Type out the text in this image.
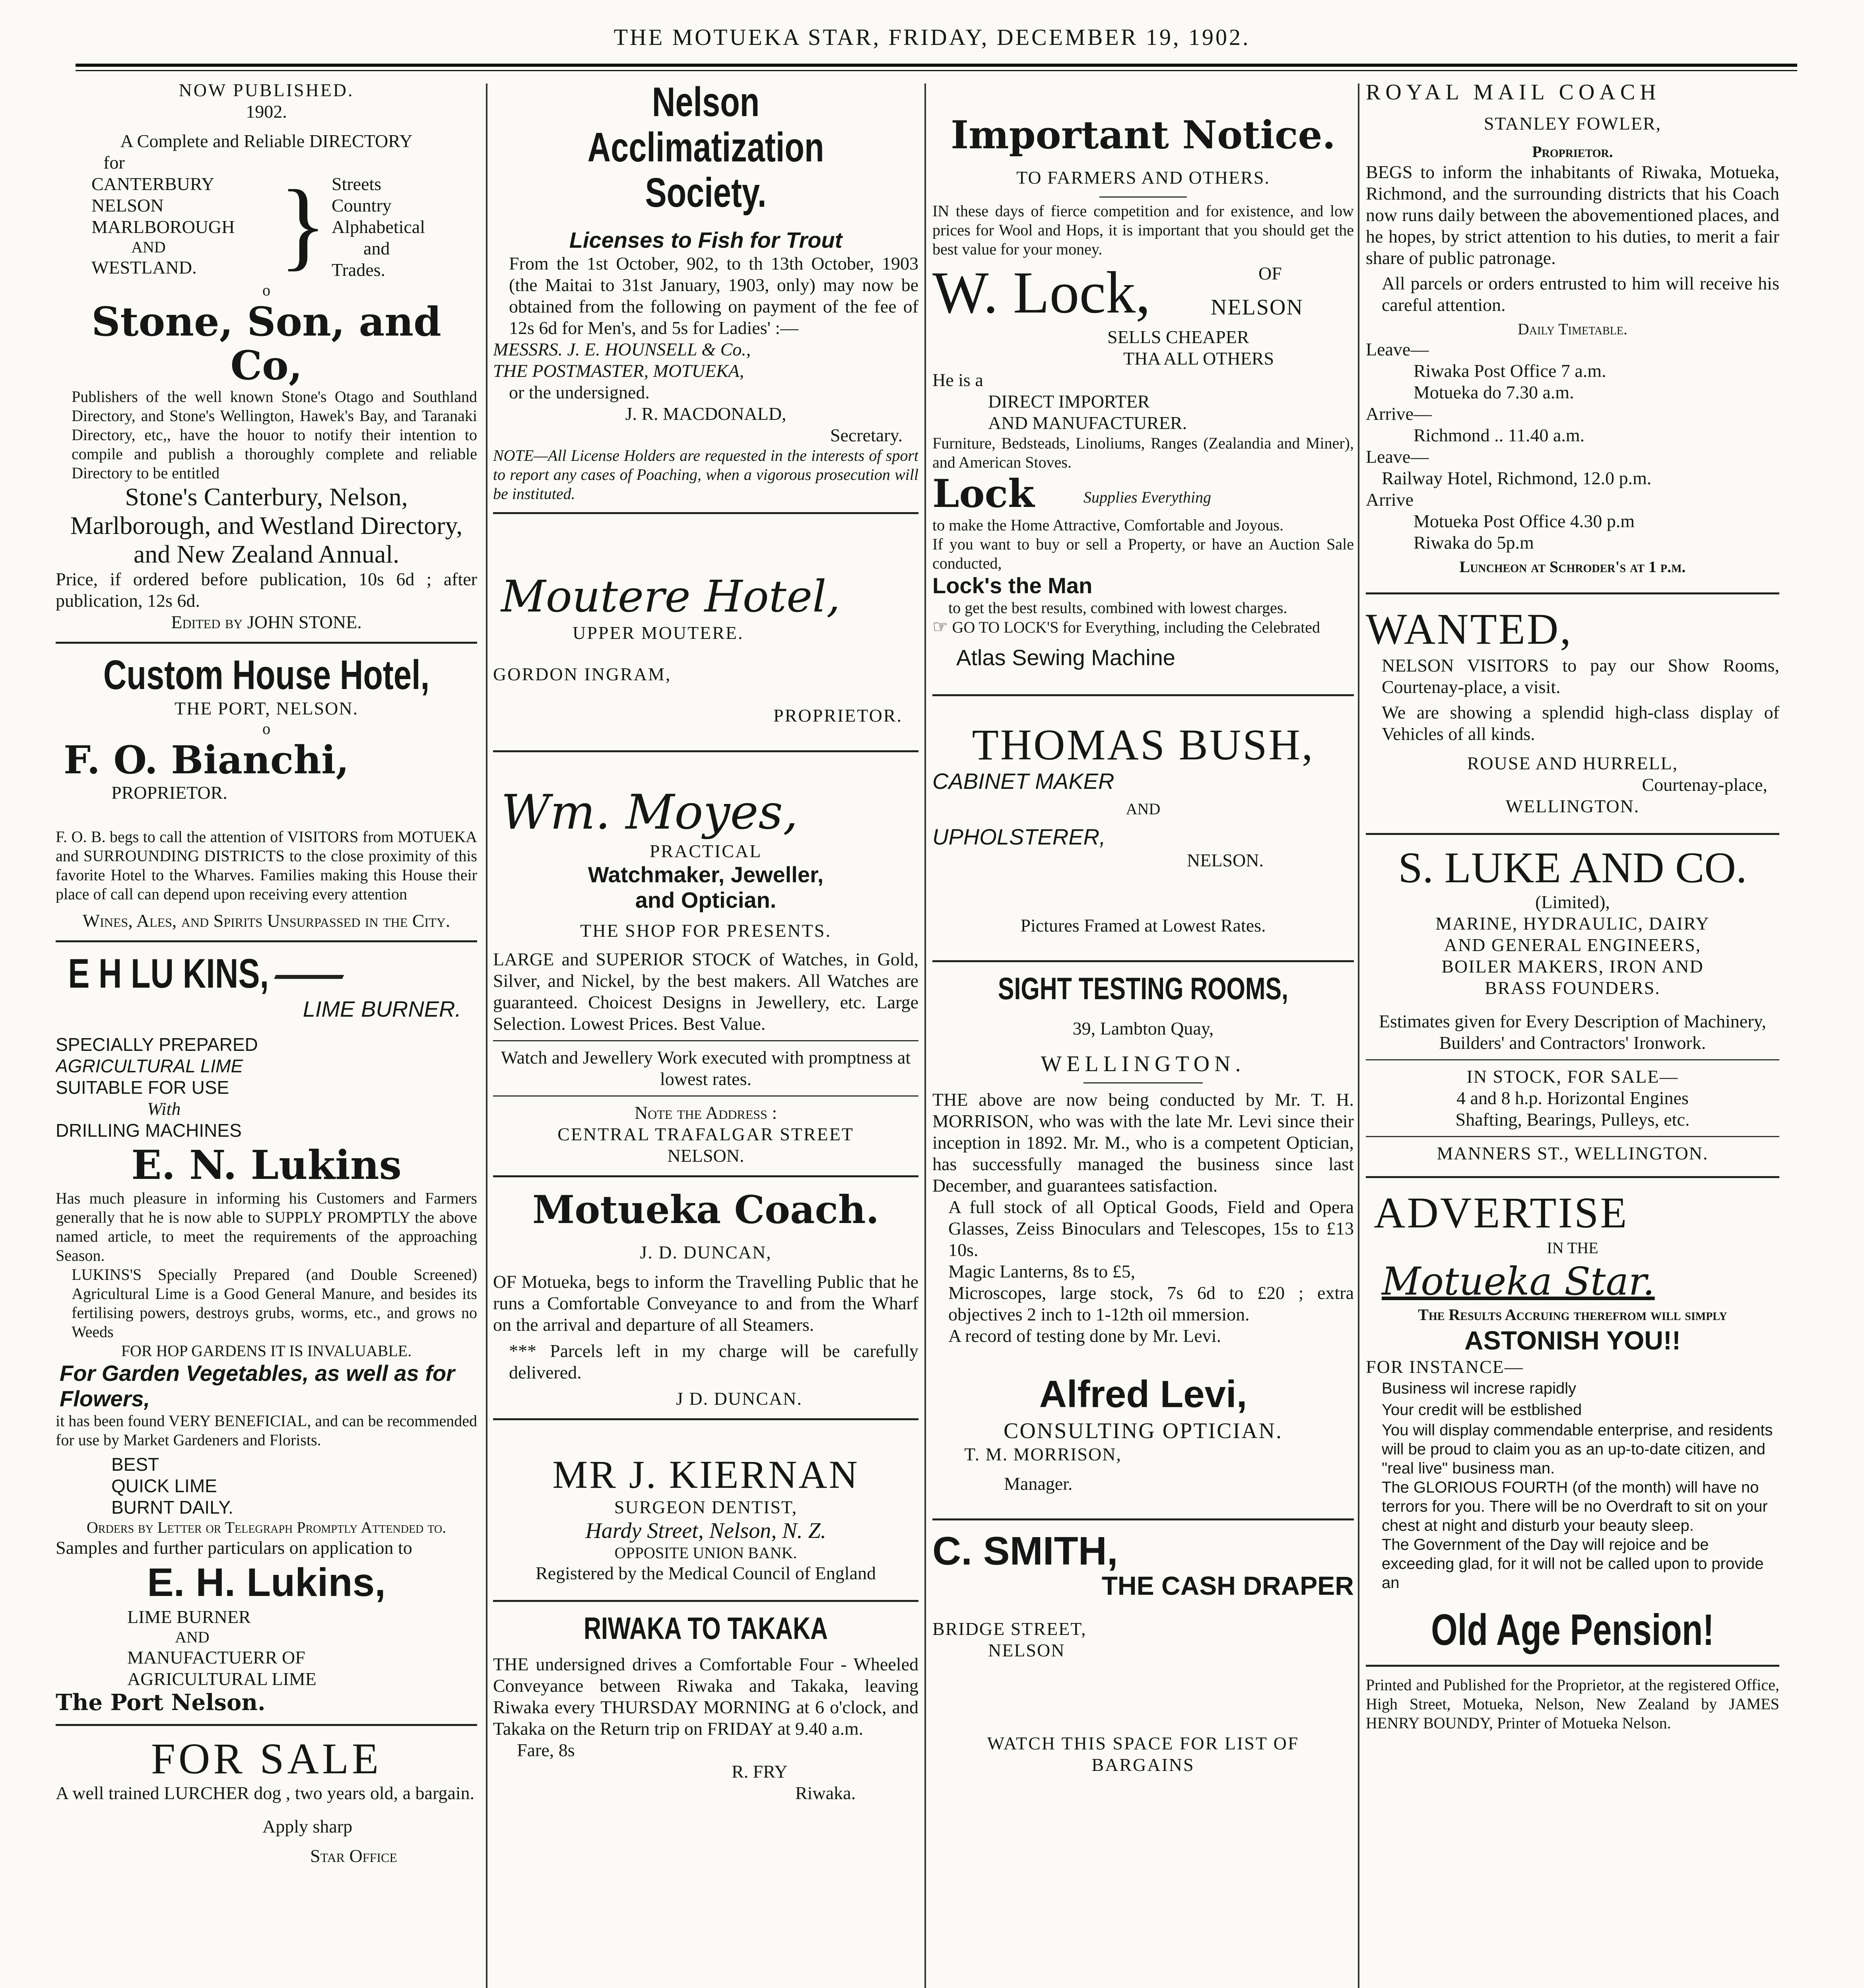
THE MOTUEKA STAR, FRIDAY, DECEMBER 19, 1902.

NOW PUBLISHED.

1902.

A Complete and Reliable DIRECTORY

for

CANTERBURY

NELSON

MARLBOROUGH

AND

WESTLAND. } Streets

Country

Alphabetical

and

Trades.

o

Stone, Son, and Co,

Publishers of the well known Stone's Otago and Southland Directory, and Stone's Wellington, Hawek's Bay, and Taranaki Directory, etc,, have the houor to notify their intention to compile and publish a thoroughly complete and reliable Directory to be entitled

Stone's Canterbury, Nelson, Marlborough, and Westland Directory, and New Zealand Annual.

Price, if ordered before publication, 10s 6d ; after publication, 12s 6d.

Edited by JOHN STONE.

Custom House Hotel,

THE PORT, NELSON.

o

F. O. Bianchi,

PROPRIETOR.

F. O. B. begs to call the attention of VISITORS from MOTUEKA and SURROUNDING DISTRICTS to the close proximity of this favorite Hotel to the Wharves. Families making this House their place of call can depend upon receiving every attention

Wines, Ales, and Spirits Unsurpassed in the City.

E H LU KINS,

LIME BURNER.

SPECIALLY PREPARED

AGRICULTURAL LIME

SUITABLE FOR USE

With

DRILLING MACHINES

E. N. Lukins

Has much pleasure in informing his Customers and Farmers generally that he is now able to SUPPLY PROMPTLY the above named article, to meet the requirements of the approaching Season.

LUKINS'S Specially Prepared (and Double Screened) Agricultural Lime is a Good General Manure, and besides its fertilising powers, destroys grubs, worms, etc., and grows no Weeds

FOR HOP GARDENS IT IS INVALUABLE.

For Garden Vegetables, as well as for Flowers,

it has been found VERY BENEFICIAL, and can be recommended for use by Market Gardeners and Florists.

BEST

QUICK LIME

BURNT DAILY.

Orders by Letter or Telegraph Promptly Attended to.

Samples and further particulars on application to

E. H. Lukins,

LIME BURNER

AND

MANUFACTUERR OF

AGRICULTURAL LIME

The Port Nelson.

FOR SALE

A well trained LURCHER dog , two years old, a bargain.

Apply sharp

Star Office

Nelson Acclimatization

Society.

Licenses to Fish for Trout

From the 1st October, 902, to th 13th October, 1903 (the Maitai to 31st January, 1903, only) may now be obtained from the following on payment of the fee of 12s 6d for Men's, and 5s for Ladies' :—

MESSRS. J. E. HOUNSELL & Co.,

THE POSTMASTER, MOTUEKA,

or the undersigned.

J. R. MACDONALD,

Secretary.

NOTE—All License Holders are requested in the interests of sport to report any cases of Poaching, when a vigorous prosecution will be instituted.

Moutere Hotel,

UPPER MOUTERE.

GORDON INGRAM,

PROPRIETOR.

Wm. Moyes,

PRACTICAL

Watchmaker, Jeweller,

and Optician.

THE SHOP FOR PRESENTS.

LARGE and SUPERIOR STOCK of Watches, in Gold, Silver, and Nickel, by the best makers. All Watches are guaranteed. Choicest Designs in Jewellery, etc. Large Selection. Lowest Prices. Best Value.

Watch and Jewellery Work executed with promptness at lowest rates.

Note the Address :

CENTRAL TRAFALGAR STREET

NELSON.

Motueka Coach.

J. D. DUNCAN,

OF Motueka, begs to inform the Travelling Public that he runs a Comfortable Conveyance to and from the Wharf on the arrival and departure of all Steamers.

*** Parcels left in my charge will be carefully delivered.

J D. DUNCAN.

MR J. KIERNAN

SURGEON DENTIST,

Hardy Street, Nelson, N. Z.

OPPOSITE UNION BANK.

Registered by the Medical Council of England

RIWAKA TO TAKAKA

THE undersigned drives a Comfortable Four - Wheeled Conveyance between Riwaka and Takaka, leaving Riwaka every THURSDAY MORNING at 6 o'clock, and Takaka on the Return trip on FRIDAY at 9.40 a.m.

Fare, 8s

R. FRY

Riwaka.

Important Notice.

TO FARMERS AND OTHERS.

IN these days of fierce competition and for existence, and low prices for Wool and Hops, it is important that you should get the best value for your money.

W. Lock,	OF
NELSON

SELLS CHEAPER

THA ALL OTHERS

He is a

DIRECT IMPORTER

AND MANUFACTURER.

Furniture, Bedsteads, Linoliums, Ranges (Zealandia and Miner), and American Stoves.

Lock	Supplies Everything

to make the Home Attractive, Comfortable and Joyous.

If you want to buy or sell a Property, or have an Auction Sale conducted,

Lock's the Man

to get the best results, combined with lowest charges.

☞ GO TO LOCK'S for Everything, including the Celebrated

Atlas Sewing Machine

THOMAS BUSH,

CABINET MAKER

AND

UPHOLSTERER,

NELSON.

Pictures Framed at Lowest Rates.

SIGHT TESTING ROOMS,

39, Lambton Quay,

WELLINGTON.

THE above are now being conducted by Mr. T. H. MORRISON, who was with the late Mr. Levi since their inception in 1892. Mr. M., who is a competent Optician, has successfully managed the business since last December, and guarantees satisfaction.

A full stock of all Optical Goods, Field and Opera Glasses, Zeiss Binoculars and Telescopes, 15s to £13 10s.

Magic Lanterns, 8s to £5,

Microscopes, large stock, 7s 6d to £20 ; extra objectives 2 inch to 1-12th oil mmersion.

A record of testing done by Mr. Levi.

Alfred Levi,

CONSULTING OPTICIAN.

T. M. MORRISON,

Manager.

C. SMITH,

THE CASH DRAPER

BRIDGE STREET,

NELSON

WATCH THIS SPACE FOR LIST OF BARGAINS

ROYAL MAIL COACH

STANLEY FOWLER,

Proprietor.

BEGS to inform the inhabitants of Riwaka, Motueka, Richmond, and the surrounding districts that his Coach now runs daily between the abovementioned places, and he hopes, by strict attention to his duties, to merit a fair share of public patronage.

All parcels or orders entrusted to him will receive his careful attention.

Daily Timetable.

Leave—

Riwaka Post Office 7 a.m.

Motueka do 7.30 a.m.

Arrive—

Richmond .. 11.40 a.m.

Leave—

Railway Hotel, Richmond, 12.0 p.m.

Arrive

Motueka Post Office 4.30 p.m

Riwaka do 5p.m

Luncheon at Schroder's at 1 p.m.

WANTED,

NELSON VISITORS to pay our Show Rooms, Courtenay-place, a visit.

We are showing a splendid high-class display of Vehicles of all kinds.

ROUSE AND HURRELL,

Courtenay-place,

WELLINGTON.

S. LUKE AND CO.

(Limited),

MARINE, HYDRAULIC, DAIRY

AND GENERAL ENGINEERS,

BOILER MAKERS, IRON AND

BRASS FOUNDERS.

Estimates given for Every Description of Machinery, Builders' and Contractors' Ironwork.

IN STOCK, FOR SALE—

4 and 8 h.p. Horizontal Engines

Shafting, Bearings, Pulleys, etc.

MANNERS ST., WELLINGTON.

ADVERTISE

IN THE

Motueka Star.

The Results Accruing therefrom will simply

ASTONISH YOU!!

FOR INSTANCE—

Business wil increse rapidly

Your credit will be estblished

You will display commendable enterprise, and residents will be proud to claim you as an up-to-date citizen, and "real live" business man.

The GLORIOUS FOURTH (of the month) will have no terrors for you. There will be no Overdraft to sit on your chest at night and disturb your beauty sleep.

The Government of the Day will rejoice and be exceeding glad, for it will not be called upon to provide an

Old Age Pension!

Printed and Published for the Proprietor, at the registered Office, High Street, Motueka, Nelson, New Zealand by JAMES HENRY BOUNDY, Printer of Motueka Nelson.
